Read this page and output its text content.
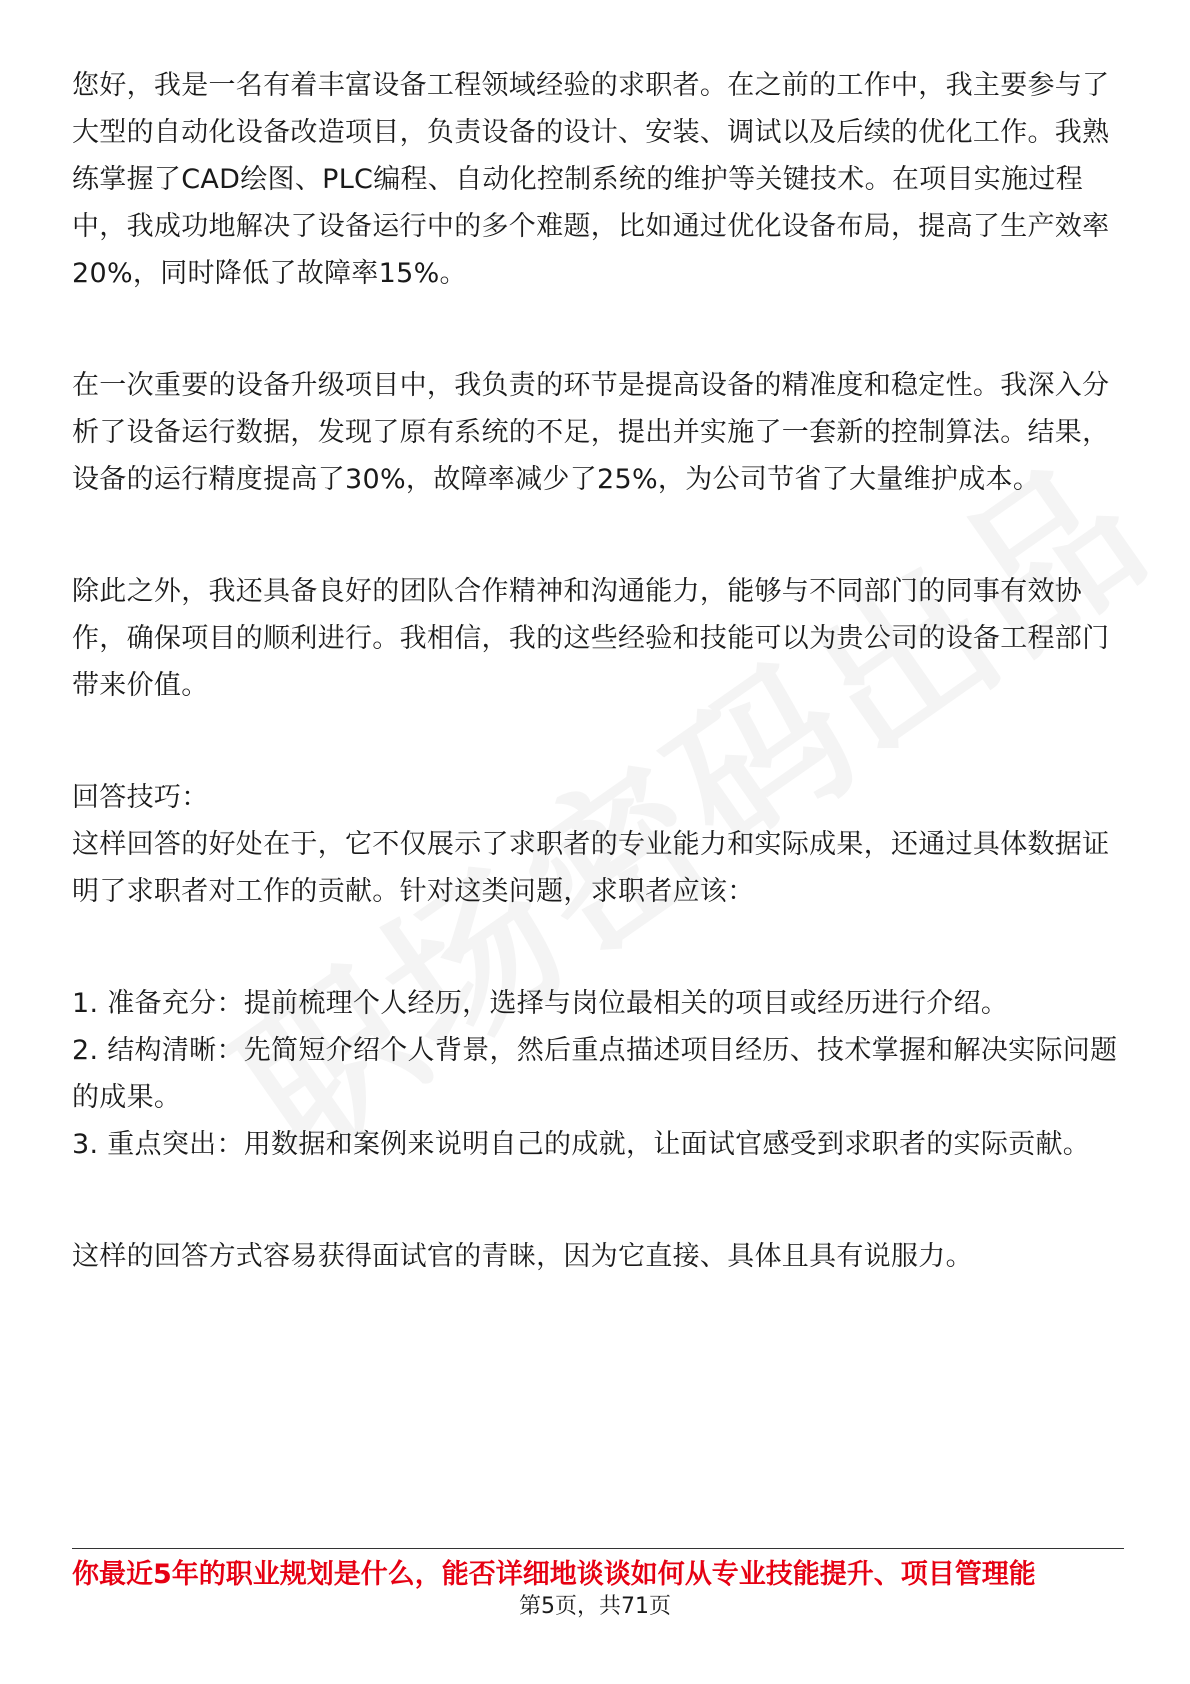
您好，我是一名有着丰富设备工程领域经验的求职者。在之前的工作中，我主要参与了大型的自动化设备改造项目，负责设备的设计、安装、调试以及后续的优化工作。我熟练掌握了CAD绘图、PLC编程、自动化控制系统的维护等关键技术。在项目实施过程中，我成功地解决了设备运行中的多个难题，比如通过优化设备布局，提高了生产效率20%，同时降低了故障率15%。

在一次重要的设备升级项目中，我负责的环节是提高设备的精准度和稳定性。我深入分析了设备运行数据，发现了原有系统的不足，提出并实施了一套新的控制算法。结果，设备的运行精度提高了30%，故障率减少了25%，为公司节省了大量维护成本。

除此之外，我还具备良好的团队合作精神和沟通能力，能够与不同部门的同事有效协作，确保项目的顺利进行。我相信，我的这些经验和技能可以为贵公司的设备工程部门带来价值。

回答技巧：

这样回答的好处在于，它不仅展示了求职者的专业能力和实际成果，还通过具体数据证明了求职者对工作的贡献。针对这类问题，求职者应该：

1. 准备充分：提前梳理个人经历，选择与岗位最相关的项目或经历进行介绍。

2. 结构清晰：先简短介绍个人背景，然后重点描述项目经历、技术掌握和解决实际问题的成果。

3. 重点突出：用数据和案例来说明自己的成就，让面试官感受到求职者的实际贡献。

这样的回答方式容易获得面试官的青睐，因为它直接、具体且具有说服力。

你最近5年的职业规划是什么，能否详细地谈谈如何从专业技能提升、项目管理能
第5页，共71页
